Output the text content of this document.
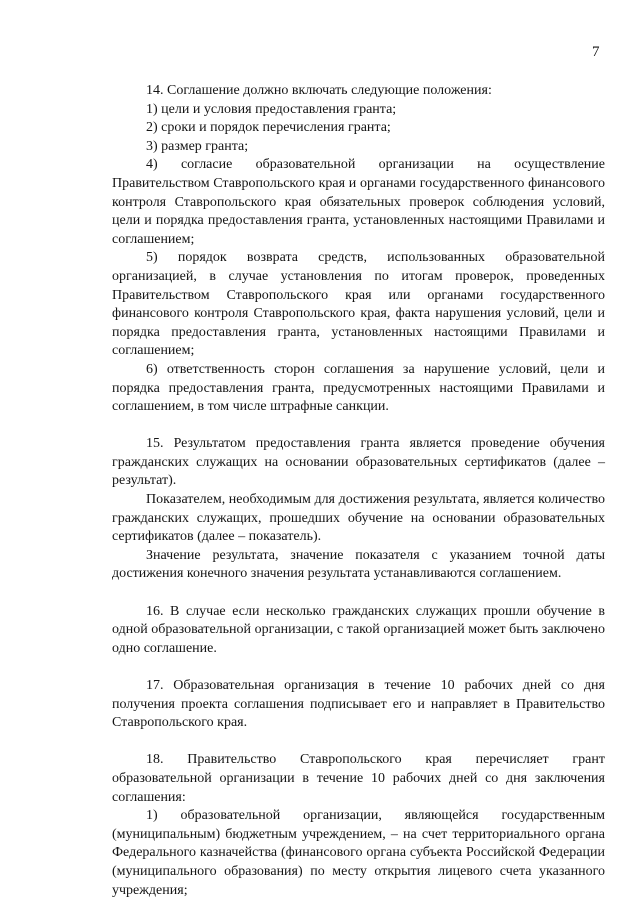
7

14. Соглашение должно включать следующие положения:

1) цели и условия предоставления гранта;

2) сроки и порядок перечисления гранта;

3) размер гранта;

4) согласие образовательной организации на осуществление Правительством Ставропольского края и органами государственного финансового контроля Ставропольского края обязательных проверок соблюдения условий, цели и порядка предоставления гранта, установленных настоящими Правилами и соглашением;

5) порядок возврата средств, использованных образовательной организацией, в случае установления по итогам проверок, проведенных Правительством Ставропольского края или органами государственного финансового контроля Ставропольского края, факта нарушения условий, цели и порядка предоставления гранта, установленных настоящими Правилами и соглашением;

6) ответственность сторон соглашения за нарушение условий, цели и порядка предоставления гранта, предусмотренных настоящими Правилами и соглашением, в том числе штрафные санкции.

15. Результатом предоставления гранта является проведение обучения гражданских служащих на основании образовательных сертификатов (далее – результат).

Показателем, необходимым для достижения результата, является количество гражданских служащих, прошедших обучение на основании образовательных сертификатов (далее – показатель).

Значение результата, значение показателя с указанием точной даты достижения конечного значения результата устанавливаются соглашением.

16. В случае если несколько гражданских служащих прошли обучение в одной образовательной организации, с такой организацией может быть заключено одно соглашение.

17. Образовательная организация в течение 10 рабочих дней со дня получения проекта соглашения подписывает его и направляет в Правительство Ставропольского края.

18. Правительство Ставропольского края перечисляет грант образовательной организации в течение 10 рабочих дней со дня заключения соглашения:

1) образовательной организации, являющейся государственным (муниципальным) бюджетным учреждением, – на счет территориального органа Федерального казначейства (финансового органа субъекта Российской Федерации (муниципального образования) по месту открытия лицевого счета указанного учреждения;
